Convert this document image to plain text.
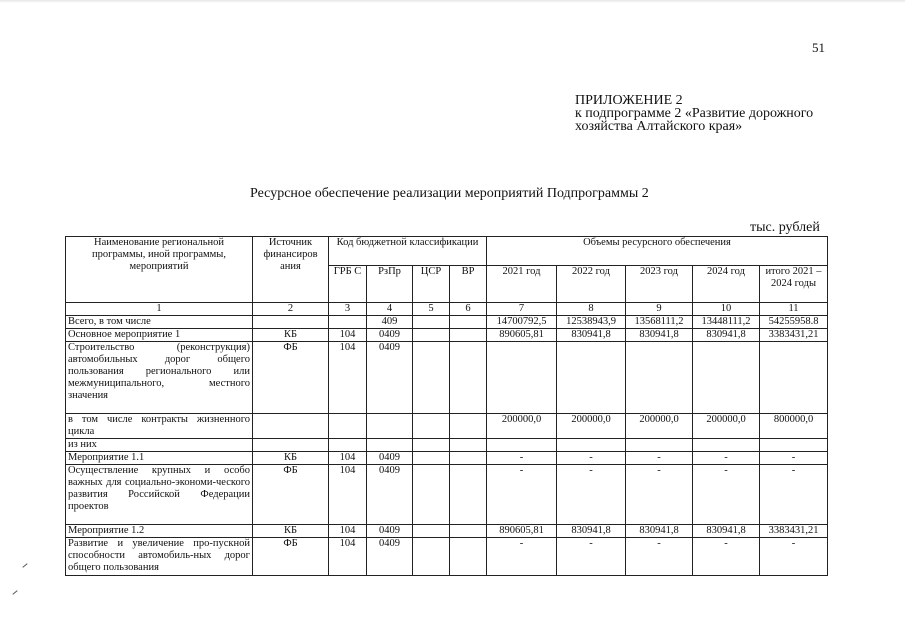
51
ПРИЛОЖЕНИЕ 2
к подпрограмме 2 «Развитие дорожного
хозяйства Алтайского края»
Ресурсное обеспечение реализации мероприятий Подпрограммы 2
тыс. рублей
Наименование региональной программы, иной программы, мероприятий	Источник финансиров ания	Код бюджетной классификации				Объемы ресурсного обеспечения				
		ГРБ С	РзПр	ЦСР	ВР	2021 год	2022 год	2023 год	2024 год	итого 2021 – 2024 годы
1	2	3	4	5	6	7	8	9	10	11
Всего, в том числе			409			14700792,5	12538943,9	13568111,2	13448111,2	54255958.8
Основное мероприятие 1	КБ	104	0409			890605,81	830941,8	830941,8	830941,8	3383431,21
Строительство (реконструкция) автомобильных дорог общего пользования регионального или межмуниципального, местного значения	ФБ	104	0409							
в том числе контракты жизненного цикла						200000,0	200000,0	200000,0	200000,0	800000,0
из них										
Мероприятие 1.1	КБ	104	0409			-	-	-	-	-
Осуществление крупных и особо важных для социально-экономи-ческого развития Российской Федерации проектов	ФБ	104	0409			-	-	-	-	-
Мероприятие 1.2	КБ	104	0409			890605,81	830941,8	830941,8	830941,8	3383431,21
Развитие и увеличение про-пускной способности автомобиль-ных дорог общего пользования	ФБ	104	0409			-	-	-	-	-
